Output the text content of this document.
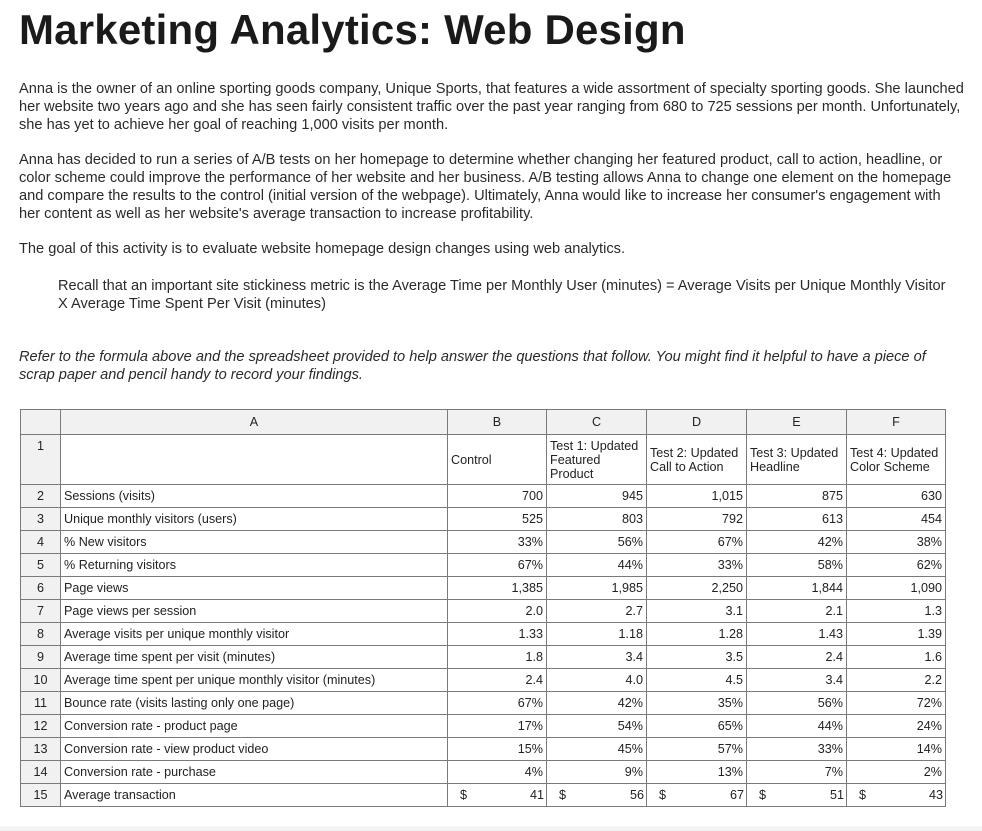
Marketing Analytics: Web Design

Anna is the owner of an online sporting goods company, Unique Sports, that features a wide assortment of specialty sporting goods. She launched her website two years ago and she has seen fairly consistent traffic over the past year ranging from 680 to 725 sessions per month. Unfortunately, she has yet to achieve her goal of reaching 1,000 visits per month.

Anna has decided to run a series of A/B tests on her homepage to determine whether changing her featured product, call to action, headline, or color scheme could improve the performance of her website and her business. A/B testing allows Anna to change one element on the homepage and compare the results to the control (initial version of the webpage). Ultimately, Anna would like to increase her consumer's engagement with her content as well as her website's average transaction to increase profitability.

The goal of this activity is to evaluate website homepage design changes using web analytics.

Recall that an important site stickiness metric is the Average Time per Monthly User (minutes) = Average Visits per Unique Monthly Visitor X Average Time Spent Per Visit (minutes)

Refer to the formula above and the spreadsheet provided to help answer the questions that follow. You might find it helpful to have a piece of scrap paper and pencil handy to record your findings.

	A	B	C	D	E	F
1		Control	Test 1: Updated Featured Product	Test 2: Updated Call to Action	Test 3: Updated Headline	Test 4: Updated Color Scheme
2	Sessions (visits)	700	945	1,015	875	630
3	Unique monthly visitors (users)	525	803	792	613	454
4	% New visitors	33%	56%	67%	42%	38%
5	% Returning visitors	67%	44%	33%	58%	62%
6	Page views	1,385	1,985	2,250	1,844	1,090
7	Page views per session	2.0	2.7	3.1	2.1	1.3
8	Average visits per unique monthly visitor	1.33	1.18	1.28	1.43	1.39
9	Average time spent per visit (minutes)	1.8	3.4	3.5	2.4	1.6
10	Average time spent per unique monthly visitor (minutes)	2.4	4.0	4.5	3.4	2.2
11	Bounce rate (visits lasting only one page)	67%	42%	35%	56%	72%
12	Conversion rate - product page	17%	54%	65%	44%	24%
13	Conversion rate - view product video	15%	45%	57%	33%	14%
14	Conversion rate - purchase	4%	9%	13%	7%	2%
15	Average transaction	$ 41	$ 56	$ 67	$ 51	$ 43
